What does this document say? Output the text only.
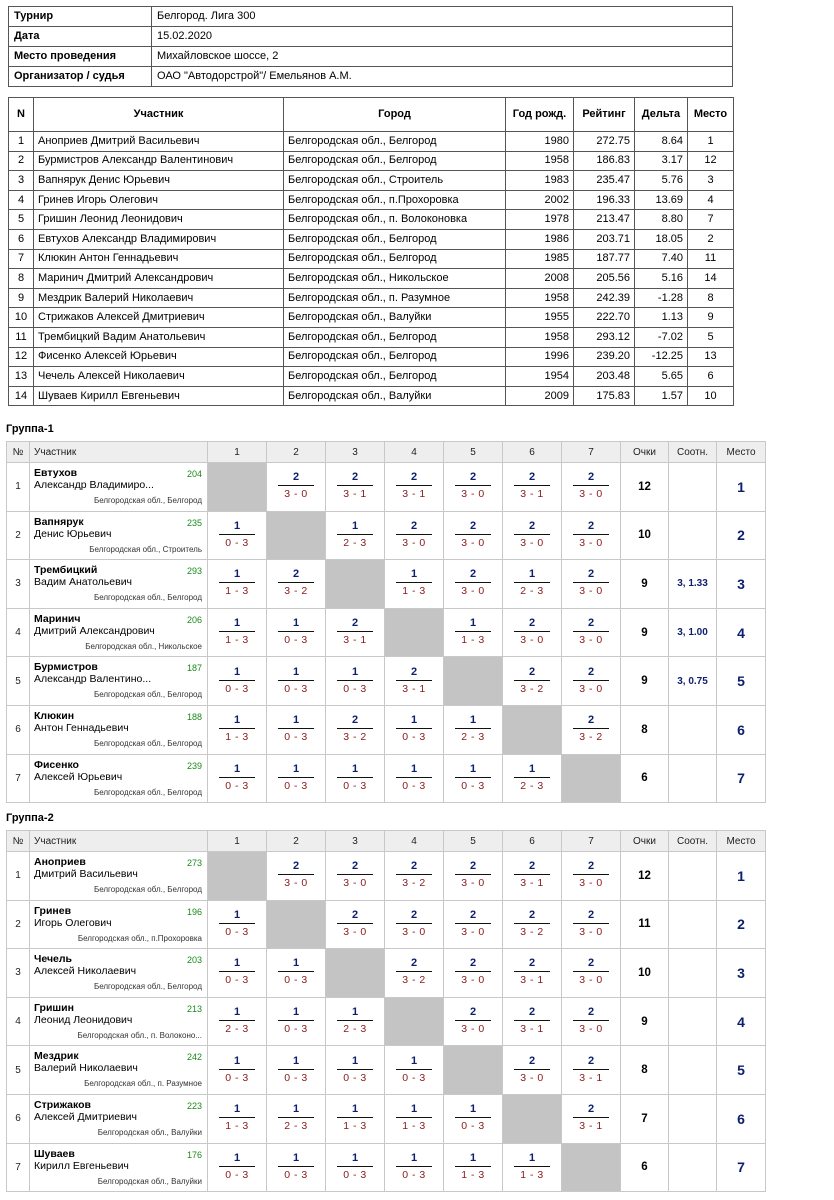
Турнир	Белгород. Лига 300
Дата	15.02.2020
Место проведения	Михайловское шоссе, 2
Организатор / судья	ОАО "Автодорстрой"/ Емельянов А.М.
N	Участник	Город	Год рожд.	Рейтинг	Дельта	Место
1	Аноприев Дмитрий Васильевич	Белгородская обл., Белгород	1980	272.75	8.64	1
2	Бурмистров Александр Валентинович	Белгородская обл., Белгород	1958	186.83	3.17	12
3	Вапнярук Денис Юрьевич	Белгородская обл., Строитель	1983	235.47	5.76	3
4	Гринев Игорь Олегович	Белгородская обл., п.Прохоровка	2002	196.33	13.69	4
5	Гришин Леонид Леонидович	Белгородская обл., п. Волоконовка	1978	213.47	8.80	7
6	Евтухов Александр Владимирович	Белгородская обл., Белгород	1986	203.71	18.05	2
7	Клюкин Антон Геннадьевич	Белгородская обл., Белгород	1985	187.77	7.40	11
8	Маринич Дмитрий Александрович	Белгородская обл., Никольское	2008	205.56	5.16	14
9	Мездрик Валерий Николаевич	Белгородская обл., п. Разумное	1958	242.39	-1.28	8
10	Стрижаков Алексей Дмитриевич	Белгородская обл., Валуйки	1955	222.70	1.13	9
11	Трембицкий Вадим Анатольевич	Белгородская обл., Белгород	1958	293.12	-7.02	5
12	Фисенко Алексей Юрьевич	Белгородская обл., Белгород	1996	239.20	-12.25	13
13	Чечель Алексей Николаевич	Белгородская обл., Белгород	1954	203.48	5.65	6
14	Шуваев Кирилл Евгеньевич	Белгородская обл., Валуйки	2009	175.83	1.57	10
Группа-1
№	Участник	1	2	3	4	5	6	7	Очки	Соотн.	Место
1	Евтухов
Александр Владимиро...
204
Белгородская обл., Белгород		$\frac{2}{3 - 0}$	$\frac{2}{3 - 1}$	$\frac{2}{3 - 1}$	$\frac{2}{3 - 0}$	$\frac{2}{3 - 1}$	$\frac{2}{3 - 0}$	12		1
2	Вапнярук
Денис Юрьевич
235
Белгородская обл., Строитель	$\frac{1}{0 - 3}$		$\frac{1}{2 - 3}$	$\frac{2}{3 - 0}$	$\frac{2}{3 - 0}$	$\frac{2}{3 - 0}$	$\frac{2}{3 - 0}$	10		2
3	Трембицкий
Вадим Анатольевич
293
Белгородская обл., Белгород	$\frac{1}{1 - 3}$	$\frac{2}{3 - 2}$		$\frac{1}{1 - 3}$	$\frac{2}{3 - 0}$	$\frac{1}{2 - 3}$	$\frac{2}{3 - 0}$	9	3, 1.33	3
4	Маринич
Дмитрий Александрович
206
Белгородская обл., Никольское	$\frac{1}{1 - 3}$	$\frac{1}{0 - 3}$	$\frac{2}{3 - 1}$		$\frac{1}{1 - 3}$	$\frac{2}{3 - 0}$	$\frac{2}{3 - 0}$	9	3, 1.00	4
5	Бурмистров
Александр Валентино...
187
Белгородская обл., Белгород	$\frac{1}{0 - 3}$	$\frac{1}{0 - 3}$	$\frac{1}{0 - 3}$	$\frac{2}{3 - 1}$		$\frac{2}{3 - 2}$	$\frac{2}{3 - 0}$	9	3, 0.75	5
6	Клюкин
Антон Геннадьевич
188
Белгородская обл., Белгород	$\frac{1}{1 - 3}$	$\frac{1}{0 - 3}$	$\frac{2}{3 - 2}$	$\frac{1}{0 - 3}$	$\frac{1}{2 - 3}$		$\frac{2}{3 - 2}$	8		6
7	Фисенко
Алексей Юрьевич
239
Белгородская обл., Белгород	$\frac{1}{0 - 3}$	$\frac{1}{0 - 3}$	$\frac{1}{0 - 3}$	$\frac{1}{0 - 3}$	$\frac{1}{0 - 3}$	$\frac{1}{2 - 3}$		6		7
Группа-2
№	Участник	1	2	3	4	5	6	7	Очки	Соотн.	Место
1	Аноприев
Дмитрий Васильевич
273
Белгородская обл., Белгород		$\frac{2}{3 - 0}$	$\frac{2}{3 - 0}$	$\frac{2}{3 - 2}$	$\frac{2}{3 - 0}$	$\frac{2}{3 - 1}$	$\frac{2}{3 - 0}$	12		1
2	Гринев
Игорь Олегович
196
Белгородская обл., п.Прохоровка	$\frac{1}{0 - 3}$		$\frac{2}{3 - 0}$	$\frac{2}{3 - 0}$	$\frac{2}{3 - 0}$	$\frac{2}{3 - 2}$	$\frac{2}{3 - 0}$	11		2
3	Чечель
Алексей Николаевич
203
Белгородская обл., Белгород	$\frac{1}{0 - 3}$	$\frac{1}{0 - 3}$		$\frac{2}{3 - 2}$	$\frac{2}{3 - 0}$	$\frac{2}{3 - 1}$	$\frac{2}{3 - 0}$	10		3
4	Гришин
Леонид Леонидович
213
Белгородская обл., п. Волоконо...	$\frac{1}{2 - 3}$	$\frac{1}{0 - 3}$	$\frac{1}{2 - 3}$		$\frac{2}{3 - 0}$	$\frac{2}{3 - 1}$	$\frac{2}{3 - 0}$	9		4
5	Мездрик
Валерий Николаевич
242
Белгородская обл., п. Разумное	$\frac{1}{0 - 3}$	$\frac{1}{0 - 3}$	$\frac{1}{0 - 3}$	$\frac{1}{0 - 3}$		$\frac{2}{3 - 0}$	$\frac{2}{3 - 1}$	8		5
6	Стрижаков
Алексей Дмитриевич
223
Белгородская обл., Валуйки	$\frac{1}{1 - 3}$	$\frac{1}{2 - 3}$	$\frac{1}{1 - 3}$	$\frac{1}{1 - 3}$	$\frac{1}{0 - 3}$		$\frac{2}{3 - 1}$	7		6
7	Шуваев
Кирилл Евгеньевич
176
Белгородская обл., Валуйки	$\frac{1}{0 - 3}$	$\frac{1}{0 - 3}$	$\frac{1}{0 - 3}$	$\frac{1}{0 - 3}$	$\frac{1}{1 - 3}$	$\frac{1}{1 - 3}$		6		7
